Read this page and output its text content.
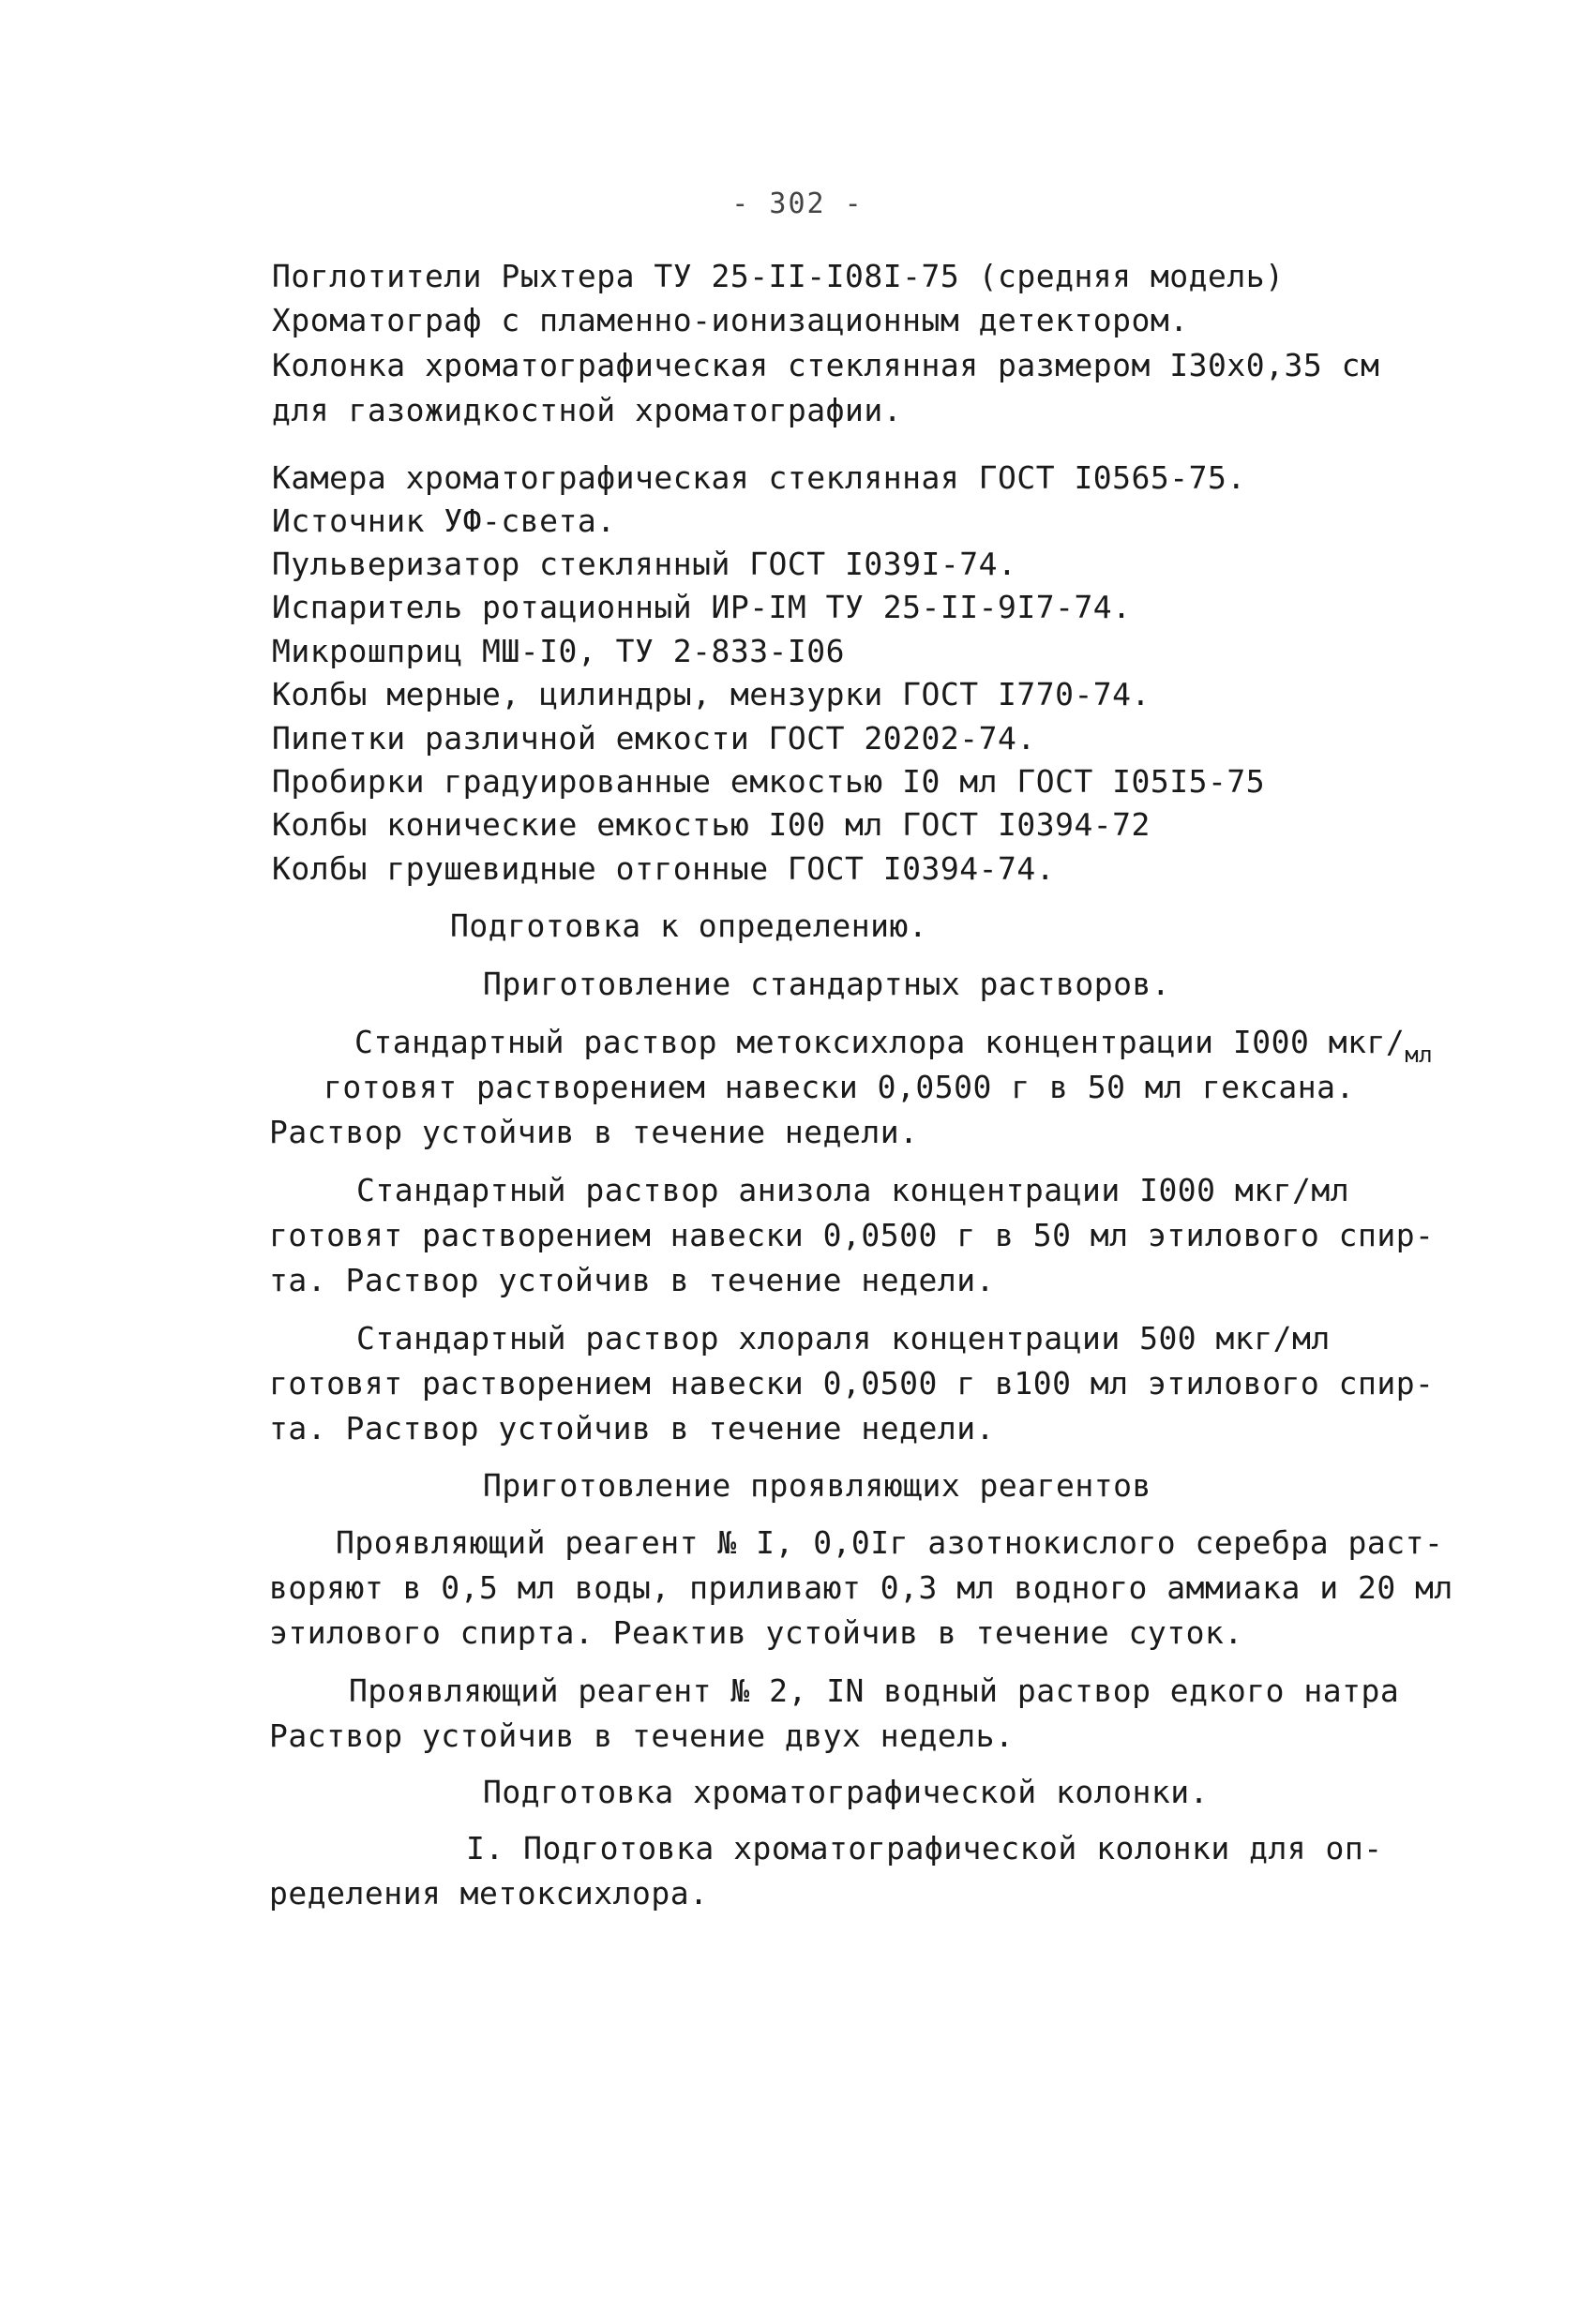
- 302 -
Поглотители Рыхтера ТУ 25-II-I08I-75 (средняя модель)
Хроматограф с пламенно-ионизационным детектором.
Колонка хроматографическая стеклянная размером I30х0,35 см
для газожидкостной хроматографии.
Камера хроматографическая стеклянная ГОСТ I0565-75.
Источник УФ-света.
Пульверизатор стеклянный ГОСТ I039I-74.
Испаритель ротационный ИР-IМ ТУ 25-II-9I7-74.
Микрошприц МШ-I0, ТУ 2-833-I06
Колбы мерные, цилиндры, мензурки ГОСТ I770-74.
Пипетки различной емкости ГОСТ 20202-74.
Пробирки градуированные емкостью I0 мл ГОСТ I05I5-75
Колбы конические емкостью I00 мл ГОСТ I0394-72
Колбы грушевидные отгонные ГОСТ I0394-74.
Подготовка к определению.
Приготовление стандартных растворов.
Стандартный раствор метоксихлора концентрации I000 мкг/$_{мл}$
готовят растворением навески 0,0500 г в 50 мл гексана.
Раствор устойчив в течение недели.
Стандартный раствор анизола концентрации I000 мкг/мл
готовят растворением навески 0,0500 г в 50 мл этилового спир-
та. Раствор устойчив в течение недели.
Стандартный раствор хлораля концентрации 500 мкг/мл
готовят растворением навески 0,0500 г в100 мл этилового спир-
та. Раствор устойчив в течение недели.
Приготовление проявляющих реагентов
Проявляющий реагент № I, 0,0Iг азотнокислого серебра раст-
воряют в 0,5 мл воды, приливают 0,3 мл водного аммиака и 20 мл
этилового спирта. Реактив устойчив в течение суток.
Проявляющий реагент № 2, IN водный раствор едкого натра
Раствор устойчив в течение двух недель.
Подготовка хроматографической колонки.
I. Подготовка хроматографической колонки для оп-
ределения метоксихлора.
